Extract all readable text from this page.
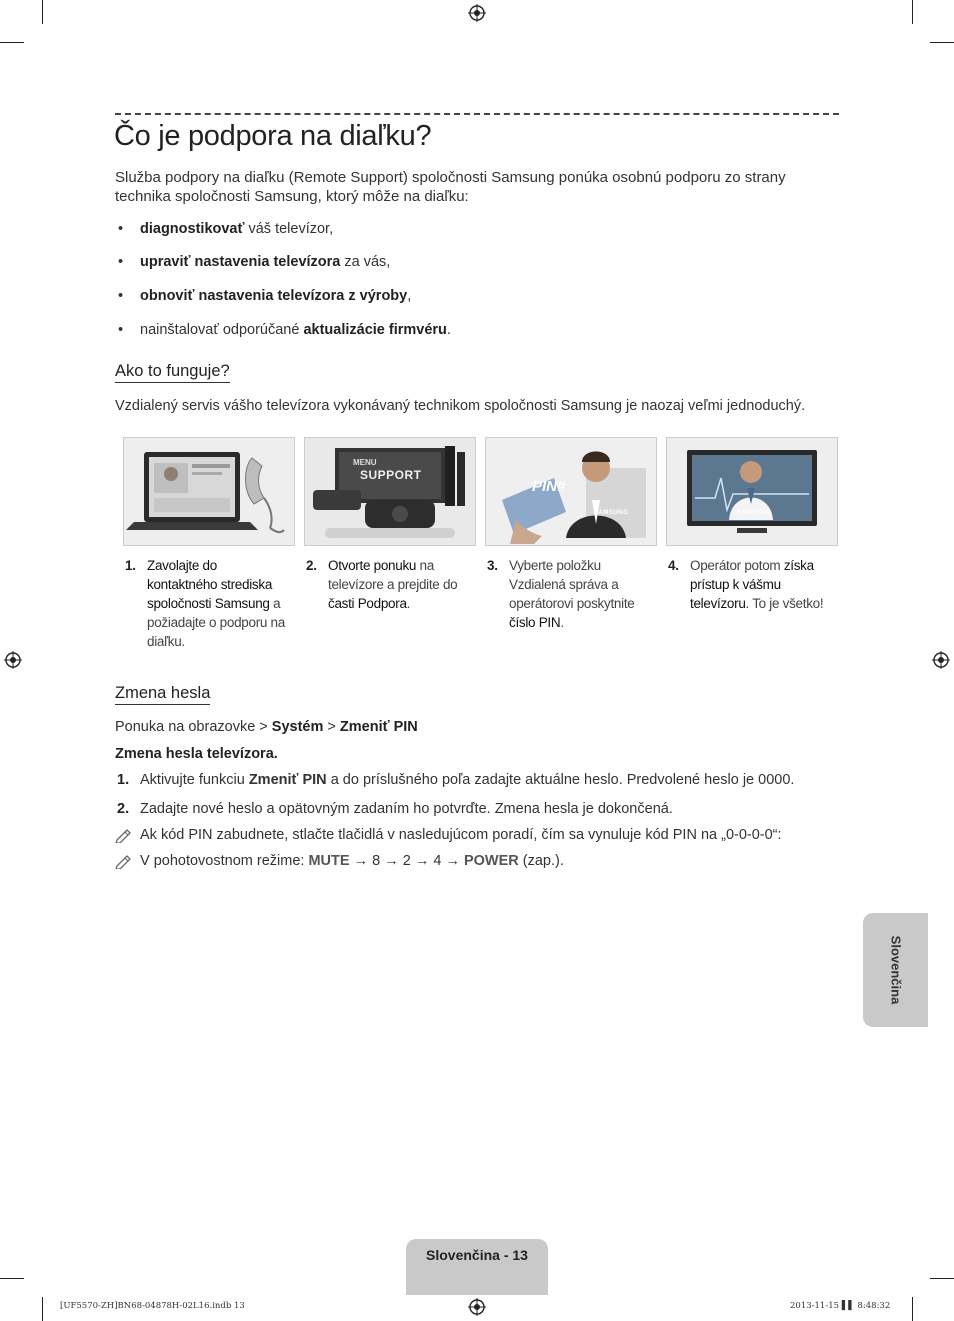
Čo je podpora na diaľku?
Služba podpory na diaľku (Remote Support) spoločnosti Samsung ponúka osobnú podporu zo strany technika spoločnosti Samsung, ktorý môže na diaľku:
• diagnostikovať váš televízor,
• upraviť nastavenia televízora za vás,
• obnoviť nastavenia televízora z výroby,
• nainštalovať odporúčané aktualizácie firmvéru.
Ako to funguje?
Vzdialený servis vášho televízora vykonávaný technikom spoločnosti Samsung je naozaj veľmi jednoduchý.
MENU
SUPPORT
PIN#
SAMSUNG	SAMSUNG
1. Zavolajte do kontaktného strediska spoločnosti Samsung a požiadajte o podporu na diaľku.
2. Otvorte ponuku na televízore a prejdite do časti Podpora.
3. Vyberte položku Vzdialená správa a operátorovi poskytnite číslo PIN.
4. Operátor potom získa prístup k vášmu televízoru. To je všetko!
Zmena hesla
Ponuka na obrazovke > Systém > Zmeniť PIN
Zmena hesla televízora.
1. Aktivujte funkciu Zmeniť PIN a do príslušného poľa zadajte aktuálne heslo. Predvolené heslo je 0000.
2. Zadajte nové heslo a opätovným zadaním ho potvrďte. Zmena hesla je dokončená.
Ak kód PIN zabudnete, stlačte tlačidlá v nasledujúcom poradí, čím sa vynuluje kód PIN na „0-0-0-0“:
V pohotovostnom režime: MUTE → 8 → 2 → 4 → POWER (zap.).
Slovenčina
Slovenčina - 13
[UF5570-ZH]BN68-04878H-02L16.indb 13	2013-11-15 ▌▌ 8:48:32
